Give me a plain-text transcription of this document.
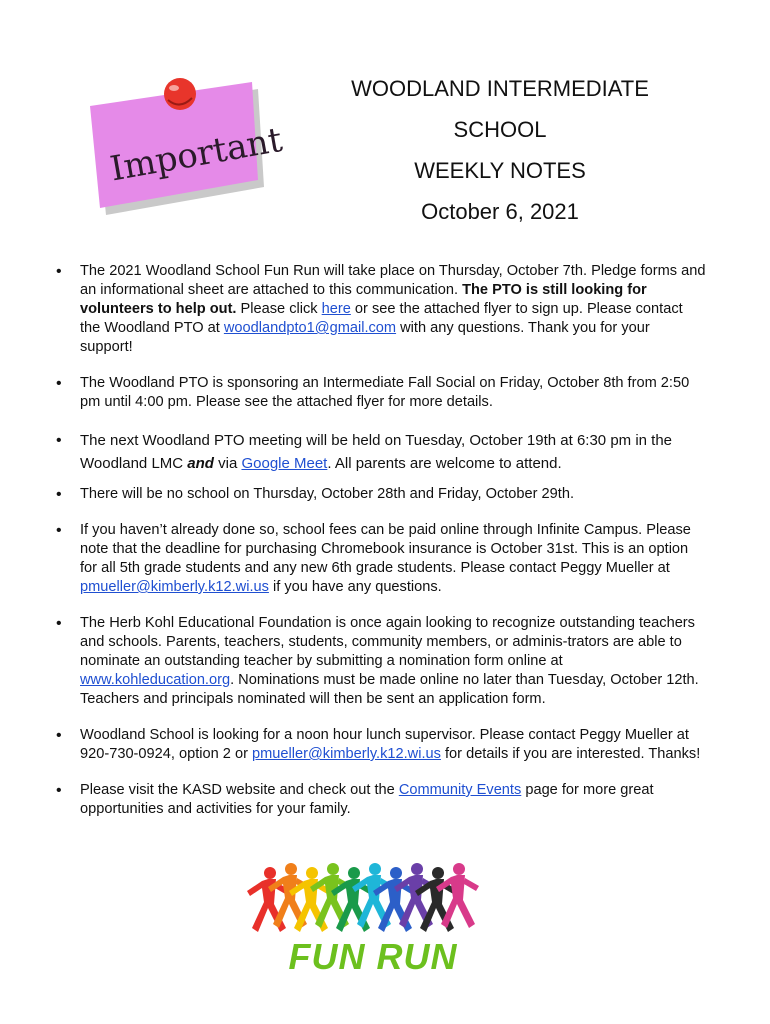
Important
WOODLAND INTERMEDIATE
SCHOOL
WEEKLY NOTES
October 6, 2021
• The 2021 Woodland School Fun Run will take place on Thursday, October 7th. Pledge forms and an informational sheet are attached to this communication. The PTO is still looking for volunteers to help out. Please click here or see the attached flyer to sign up. Please contact the Woodland PTO at woodlandpto1@gmail.com with any questions. Thank you for your support!
• The Woodland PTO is sponsoring an Intermediate Fall Social on Friday, October 8th from 2:50 pm until 4:00 pm. Please see the attached flyer for more details.
• The next Woodland PTO meeting will be held on Tuesday, October 19th at 6:30 pm in the Woodland LMC and via Google Meet. All parents are welcome to attend.
• There will be no school on Thursday, October 28th and Friday, October 29th.
• If you haven’t already done so, school fees can be paid online through Infinite Campus. Please note that the deadline for purchasing Chromebook insurance is October 31st. This is an option for all 5th grade students and any new 6th grade students. Please contact Peggy Mueller at pmueller@kimberly.k12.wi.us if you have any questions.
• The Herb Kohl Educational Foundation is once again looking to recognize outstanding teachers and schools. Parents, teachers, students, community members, or adminis-trators are able to nominate an outstanding teacher by submitting a nomination form online at www.kohleducation.org. Nominations must be made online no later than Tuesday, October 12th. Teachers and principals nominated will then be sent an application form.
• Woodland School is looking for a noon hour lunch supervisor. Please contact Peggy Mueller at 920-730-0924, option 2 or pmueller@kimberly.k12.wi.us for details if you are interested. Thanks!
• Please visit the KASD website and check out the Community Events page for more great opportunities and activities for your family.
FUN RUN
